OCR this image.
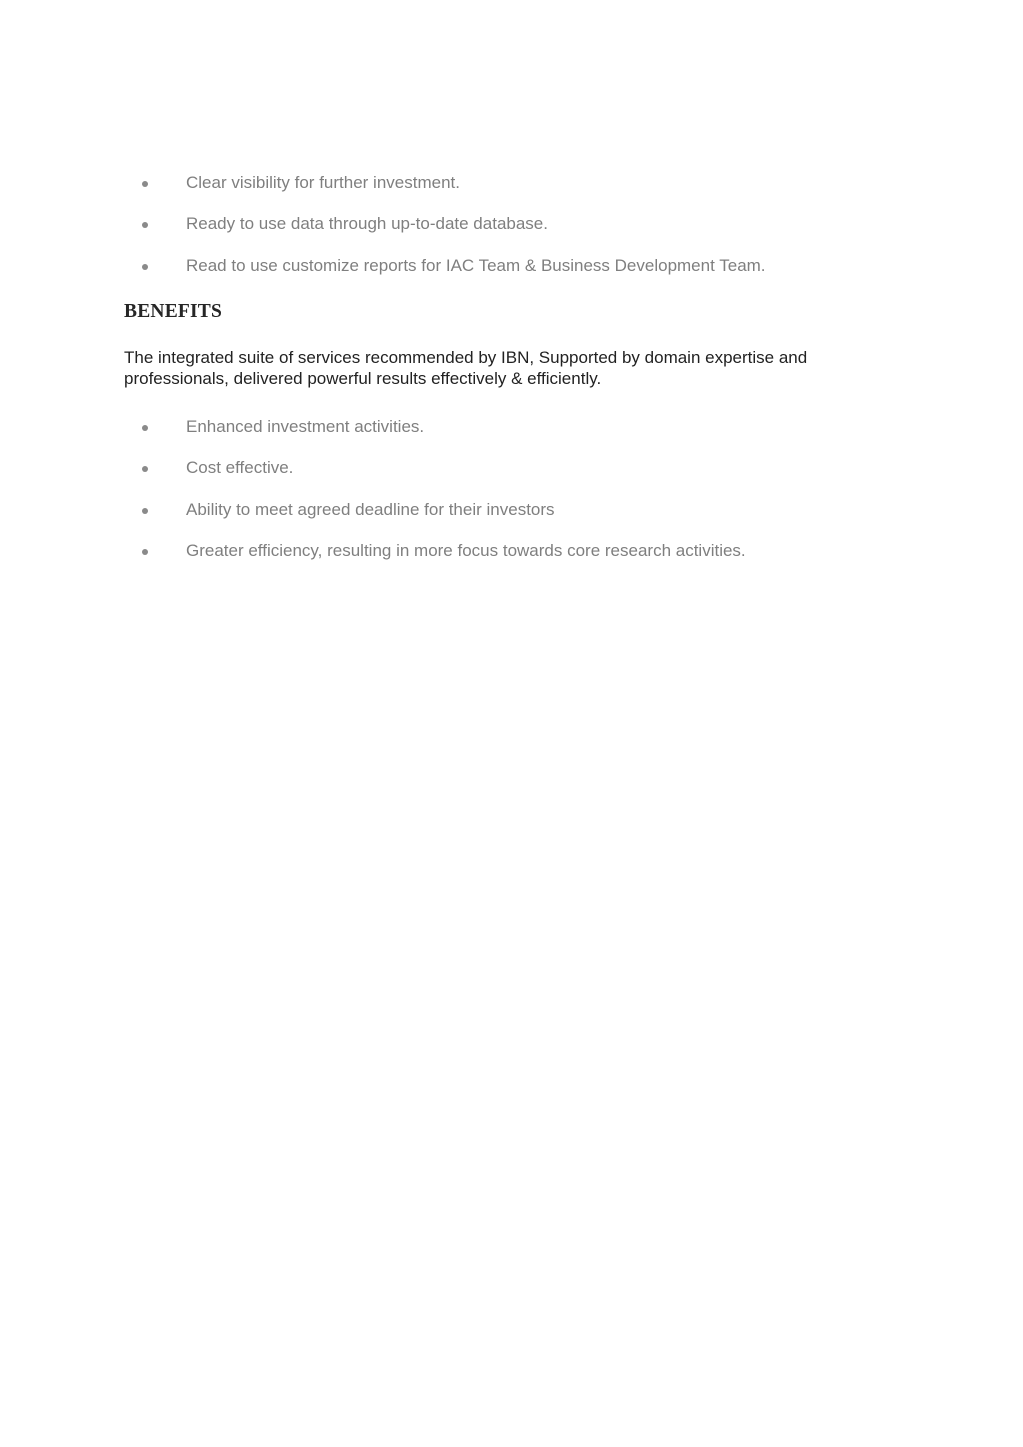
Clear visibility for further investment.
Ready to use data through up-to-date database.
Read to use customize reports for IAC Team & Business Development Team.
BENEFITS

The integrated suite of services recommended by IBN, Supported by domain expertise and professionals, delivered powerful results effectively & efficiently.

Enhanced investment activities.
Cost effective.
Ability to meet agreed deadline for their investors
Greater efficiency, resulting in more focus towards core research activities.
